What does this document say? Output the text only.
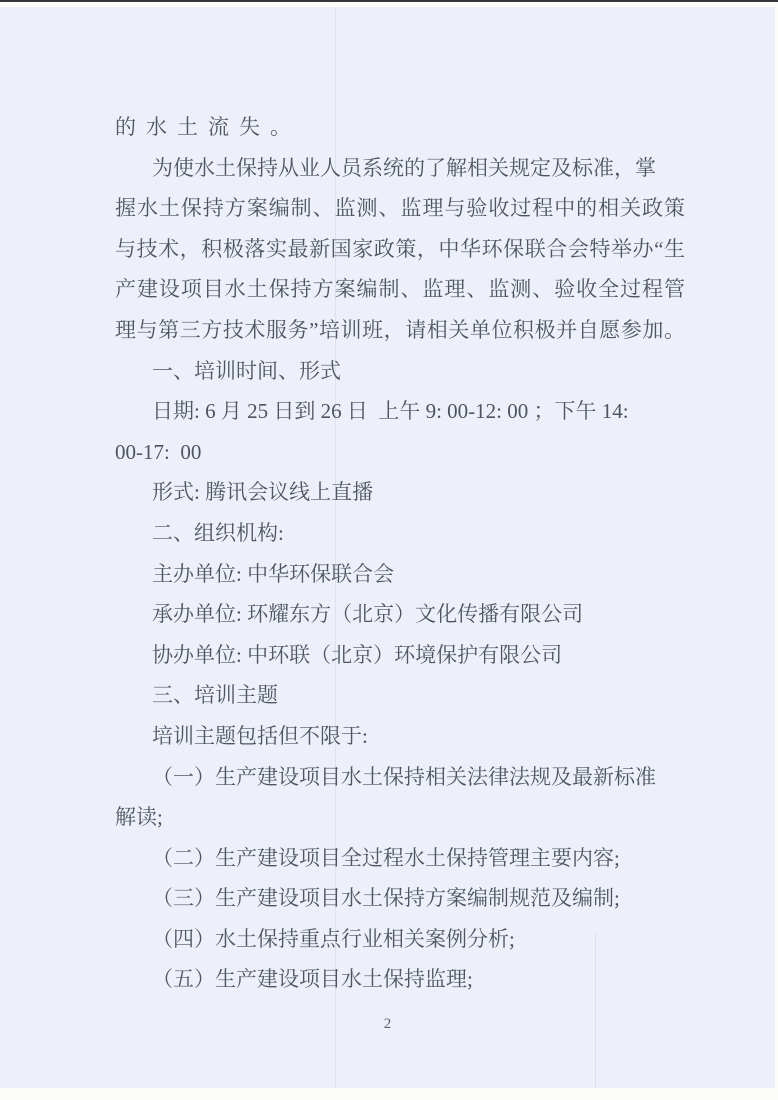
的水土流失。
为使水土保持从业人员系统的了解相关规定及标准，掌
握水土保持方案编制、监测、监理与验收过程中的相关政策
与技术，积极落实最新国家政策，中华环保联合会特举办“生
产建设项目水土保持方案编制、监理、监测、验收全过程管
理与第三方技术服务”培训班，请相关单位积极并自愿参加。
一、培训时间、形式
日期: 6 月 25 日到 26 日  上午 9: 00-12: 00 ；下午 14:
00-17:  00
形式: 腾讯会议线上直播
二、组织机构:
主办单位: 中华环保联合会
承办单位: 环耀东方（北京）文化传播有限公司
协办单位: 中环联（北京）环境保护有限公司
三、培训主题
培训主题包括但不限于:
（一）生产建设项目水土保持相关法律法规及最新标准
解读;
（二）生产建设项目全过程水土保持管理主要内容;
（三）生产建设项目水土保持方案编制规范及编制;
（四）水土保持重点行业相关案例分析;
（五）生产建设项目水土保持监理;
2
